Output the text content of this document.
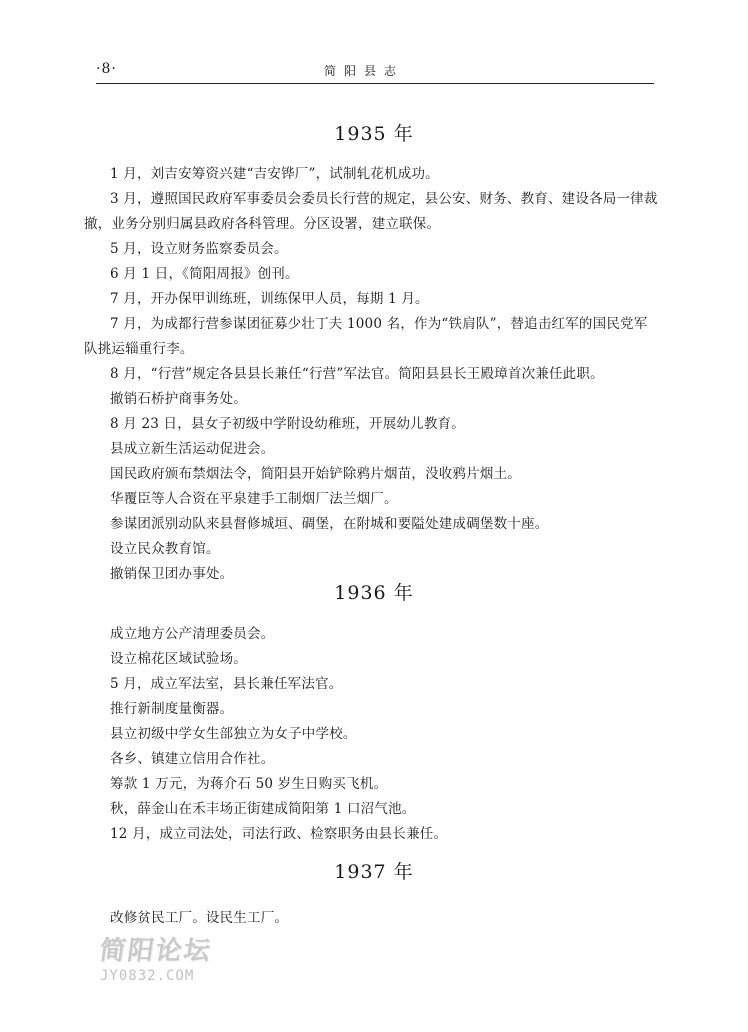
·8·	简阳县志
1935 年

1 月，刘吉安筹资兴建“吉安铧厂”，试制轧花机成功。

3 月，遵照国民政府军事委员会委员长行营的规定，县公安、财务、教育、建设各局一律裁撤，业务分别归属县政府各科管理。分区设署，建立联保。

5 月，设立财务监察委员会。

6 月 1 日，《简阳周报》创刊。

7 月，开办保甲训练班，训练保甲人员，每期 1 月。

7 月，为成都行营参谋团征募少壮丁夫 1000 名，作为“铁肩队”，替追击红军的国民党军队挑运辎重行李。

8 月，“行营”规定各县县长兼任“行营”军法官。简阳县县长王殿璋首次兼任此职。

撤销石桥护商事务处。

8 月 23 日，县女子初级中学附设幼稚班，开展幼儿教育。

县成立新生活运动促进会。

国民政府颁布禁烟法令，简阳县开始铲除鸦片烟苗，没收鸦片烟土。

华覆臣等人合资在平泉建手工制烟厂法兰烟厂。

参谋团派别动队来县督修城垣、碉堡，在附城和要隘处建成碉堡数十座。

设立民众教育馆。

撤销保卫团办事处。

1936 年

成立地方公产清理委员会。

设立棉花区域试验场。

5 月，成立军法室，县长兼任军法官。

推行新制度量衡器。

县立初级中学女生部独立为女子中学校。

各乡、镇建立信用合作社。

筹款 1 万元，为蒋介石 50 岁生日购买飞机。

秋，薛金山在禾丰场正街建成简阳第 1 口沼气池。

12 月，成立司法处，司法行政、检察职务由县长兼任。

1937 年

改修贫民工厂。设民生工厂。

简阳论坛
JY0832.COM
